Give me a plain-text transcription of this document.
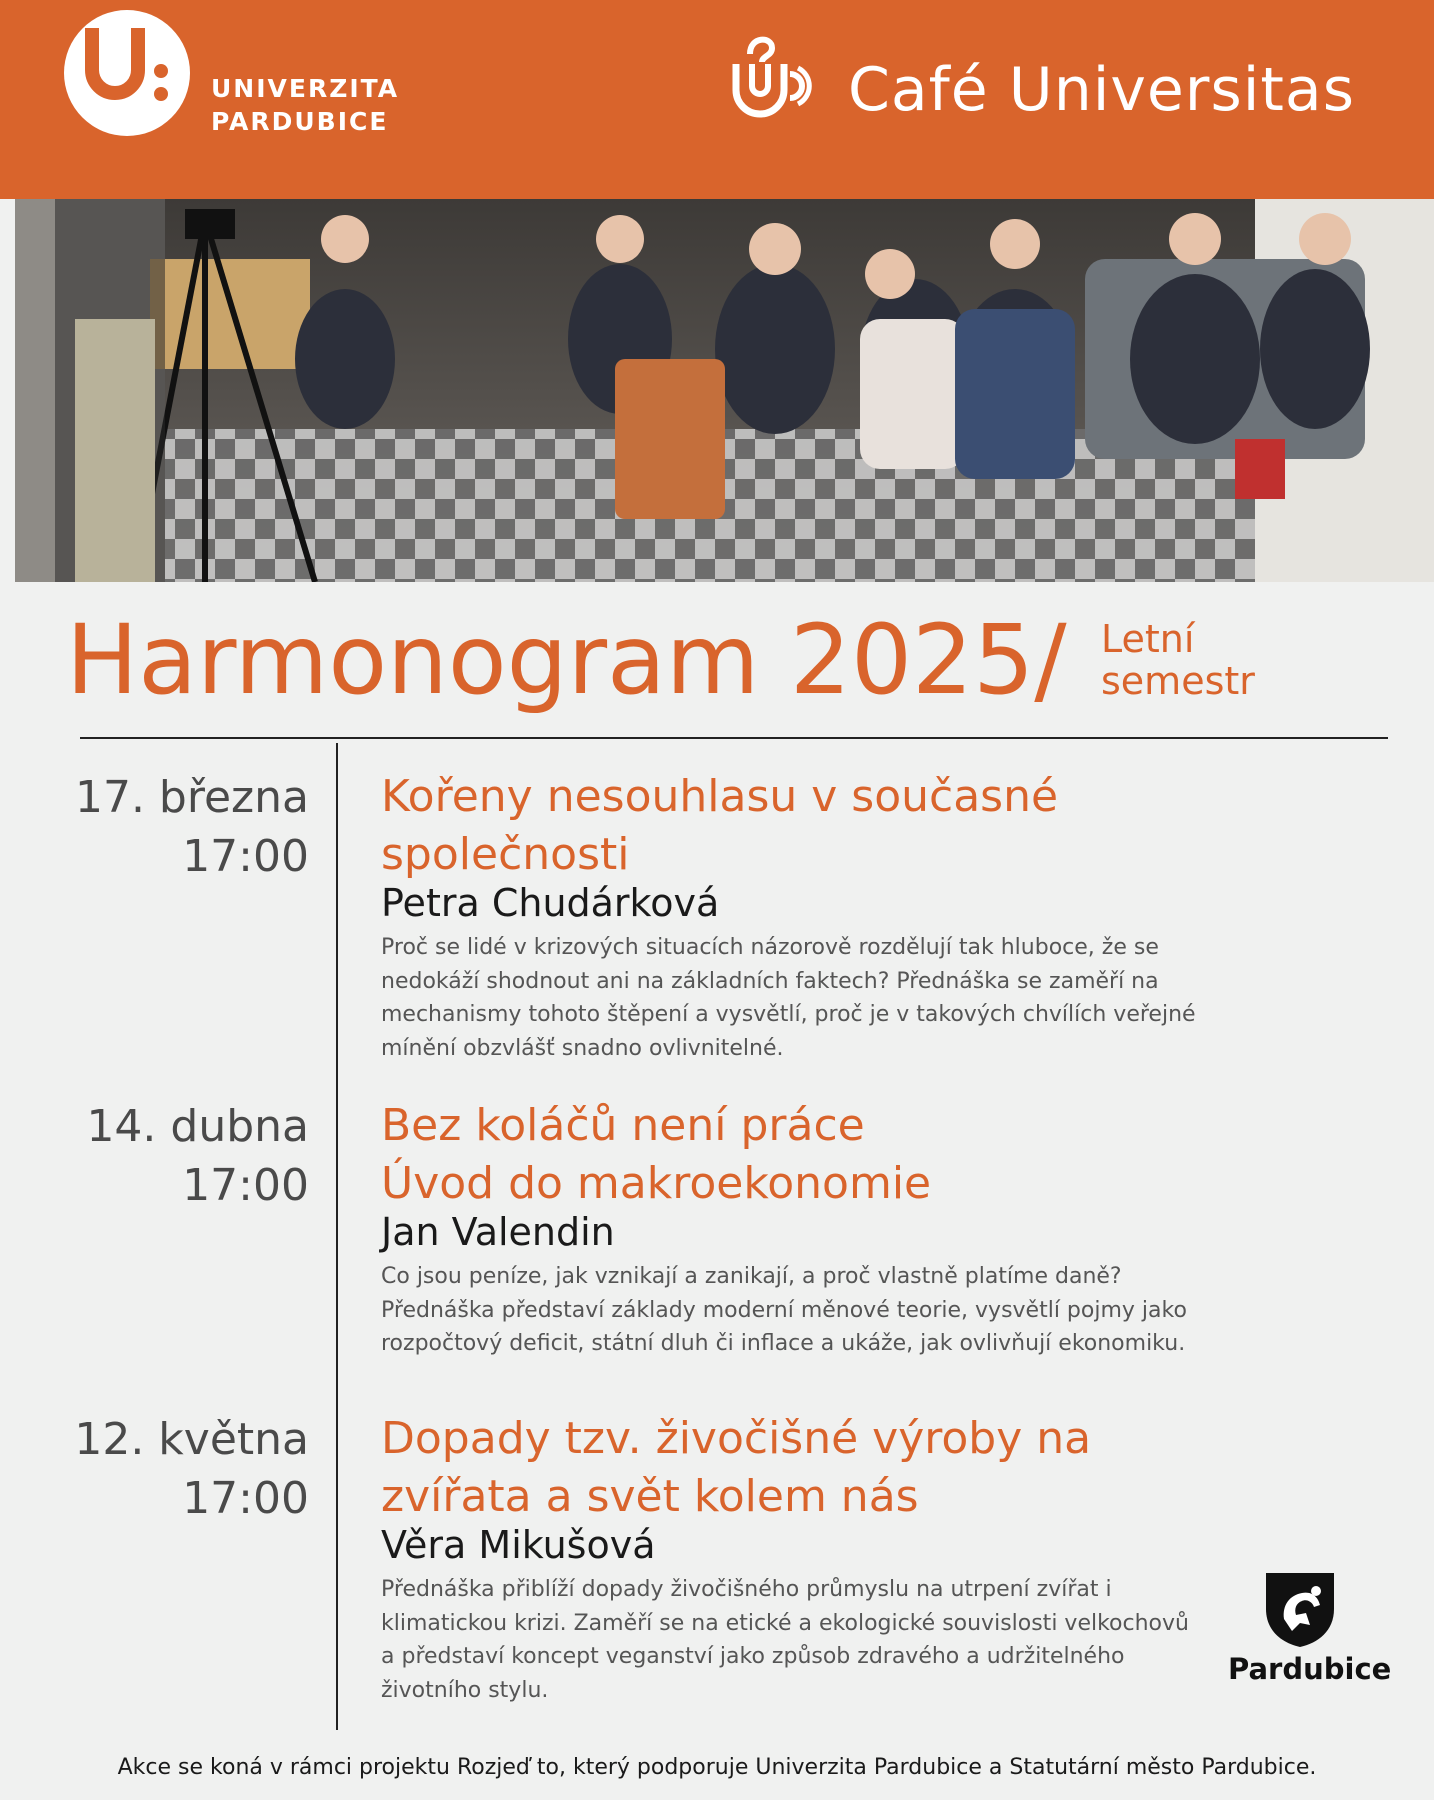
UNIVERZITA
PARDUBICE	Café Universitas
Harmonogram 2025/ Letní
semestr
17. března
17:00
Kořeny nesouhlasu v současné
společnosti
Petra Chudárková
Proč se lidé v krizových situacích názorově rozdělují tak hluboce, že se nedokáží shodnout ani na základních faktech? Přednáška se zaměří na mechanismy tohoto štěpení a vysvětlí, proč je v takových chvílích veřejné mínění obzvlášť snadno ovlivnitelné.
14. dubna
17:00
Bez koláčů není práce
Úvod do makroekonomie
Jan Valendin
Co jsou peníze, jak vznikají a zanikají, a proč vlastně platíme daně? Přednáška představí základy moderní měnové teorie, vysvětlí pojmy jako rozpočtový deficit, státní dluh či inflace a ukáže, jak ovlivňují ekonomiku.
12. května
17:00
Dopady tzv. živočišné výroby na
zvířata a svět kolem nás
Věra Mikušová
Přednáška přiblíží dopady živočišného průmyslu na utrpení zvířat i klimatickou krizi. Zaměří se na etické a ekologické souvislosti velkochovů a představí koncept veganství jako způsob zdravého a udržitelného životního stylu.
Pardubice
Akce se koná v rámci projektu Rozjeď to, který podporuje Univerzita Pardubice a Statutární město Pardubice.
